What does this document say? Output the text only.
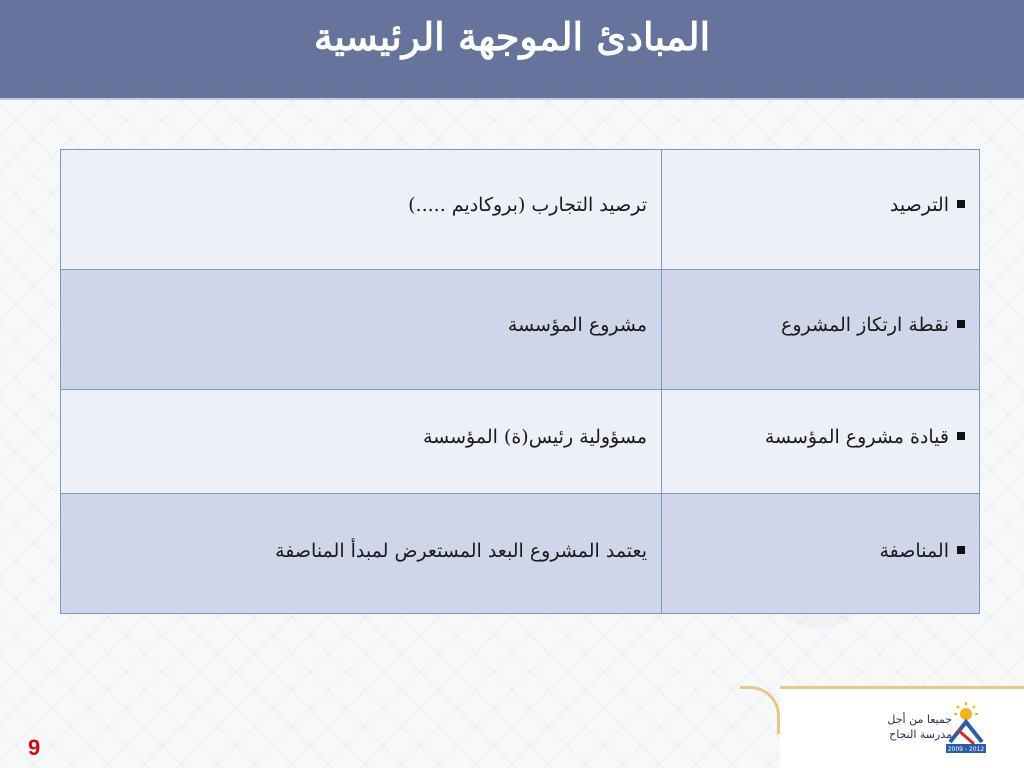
المبادئ الموجهة الرئيسية
الترصيد	ترصيد التجارب (بروكاديم .....)
نقطة ارتكاز المشروع	مشروع المؤسسة
قيادة مشروع المؤسسة	مسؤولية رئيس(ة) المؤسسة
المناصفة	يعتمد المشروع البعد المستعرض لمبدأ المناصفة
9
جميعا من أجل
مدرسة النجاح
2009 - 2012
